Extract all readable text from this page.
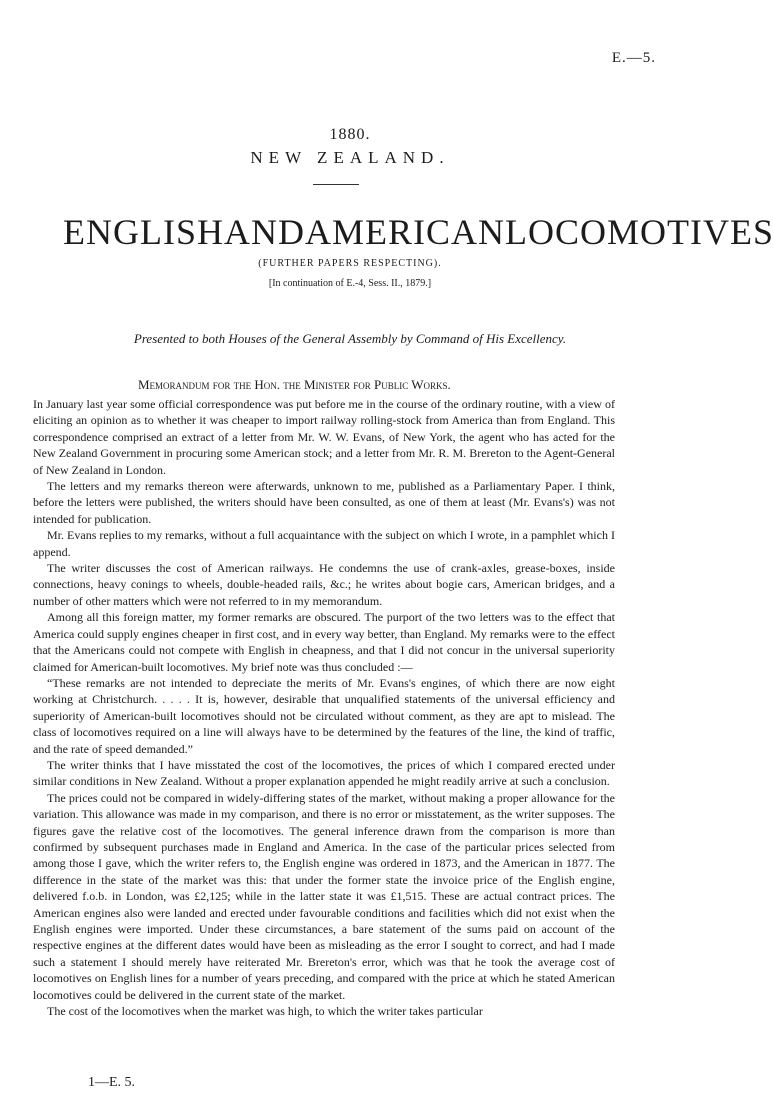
E.—5.
1880.
NEW ZEALAND.
ENGLISH AND AMERICAN LOCOMOTIVES
(FURTHER PAPERS RESPECTING).
[In continuation of E.-4, Sess. II., 1879.]
Presented to both Houses of the General Assembly by Command of His Excellency.
Memorandum for the Hon. the Minister for Public Works.

In January last year some official correspondence was put before me in the course of the ordinary routine, with a view of eliciting an opinion as to whether it was cheaper to import railway rolling-stock from America than from England. This correspondence comprised an extract of a letter from Mr. W. W. Evans, of New York, the agent who has acted for the New Zealand Government in procuring some American stock; and a letter from Mr. R. M. Brereton to the Agent-General of New Zealand in London.

The letters and my remarks thereon were afterwards, unknown to me, published as a Parliamentary Paper. I think, before the letters were published, the writers should have been consulted, as one of them at least (Mr. Evans's) was not intended for publication.

Mr. Evans replies to my remarks, without a full acquaintance with the subject on which I wrote, in a pamphlet which I append.

The writer discusses the cost of American railways. He condemns the use of crank-axles, grease-boxes, inside connections, heavy conings to wheels, double-headed rails, &c.; he writes about bogie cars, American bridges, and a number of other matters which were not referred to in my memorandum.

Among all this foreign matter, my former remarks are obscured. The purport of the two letters was to the effect that America could supply engines cheaper in first cost, and in every way better, than England. My remarks were to the effect that the Americans could not compete with English in cheapness, and that I did not concur in the universal superiority claimed for American-built locomotives. My brief note was thus concluded :—

“These remarks are not intended to depreciate the merits of Mr. Evans's engines, of which there are now eight working at Christchurch. . . . . It is, however, desirable that unqualified statements of the universal efficiency and superiority of American-built locomotives should not be circulated without comment, as they are apt to mislead. The class of locomotives required on a line will always have to be determined by the features of the line, the kind of traffic, and the rate of speed demanded.”

The writer thinks that I have misstated the cost of the locomotives, the prices of which I compared erected under similar conditions in New Zealand. Without a proper explanation appended he might readily arrive at such a conclusion.

The prices could not be compared in widely-differing states of the market, without making a proper allowance for the variation. This allowance was made in my comparison, and there is no error or misstatement, as the writer supposes. The figures gave the relative cost of the locomotives. The general inference drawn from the comparison is more than confirmed by subsequent purchases made in England and America. In the case of the particular prices selected from among those I gave, which the writer refers to, the English engine was ordered in 1873, and the American in 1877. The difference in the state of the market was this: that under the former state the invoice price of the English engine, delivered f.o.b. in London, was £2,125; while in the latter state it was £1,515. These are actual contract prices. The American engines also were landed and erected under favourable conditions and facilities which did not exist when the English engines were imported. Under these circumstances, a bare statement of the sums paid on account of the respective engines at the different dates would have been as misleading as the error I sought to correct, and had I made such a statement I should merely have reiterated Mr. Brereton's error, which was that he took the average cost of locomotives on English lines for a number of years preceding, and compared with the price at which he stated American locomotives could be delivered in the current state of the market.

The cost of the locomotives when the market was high, to which the writer takes particular

1—E. 5.
